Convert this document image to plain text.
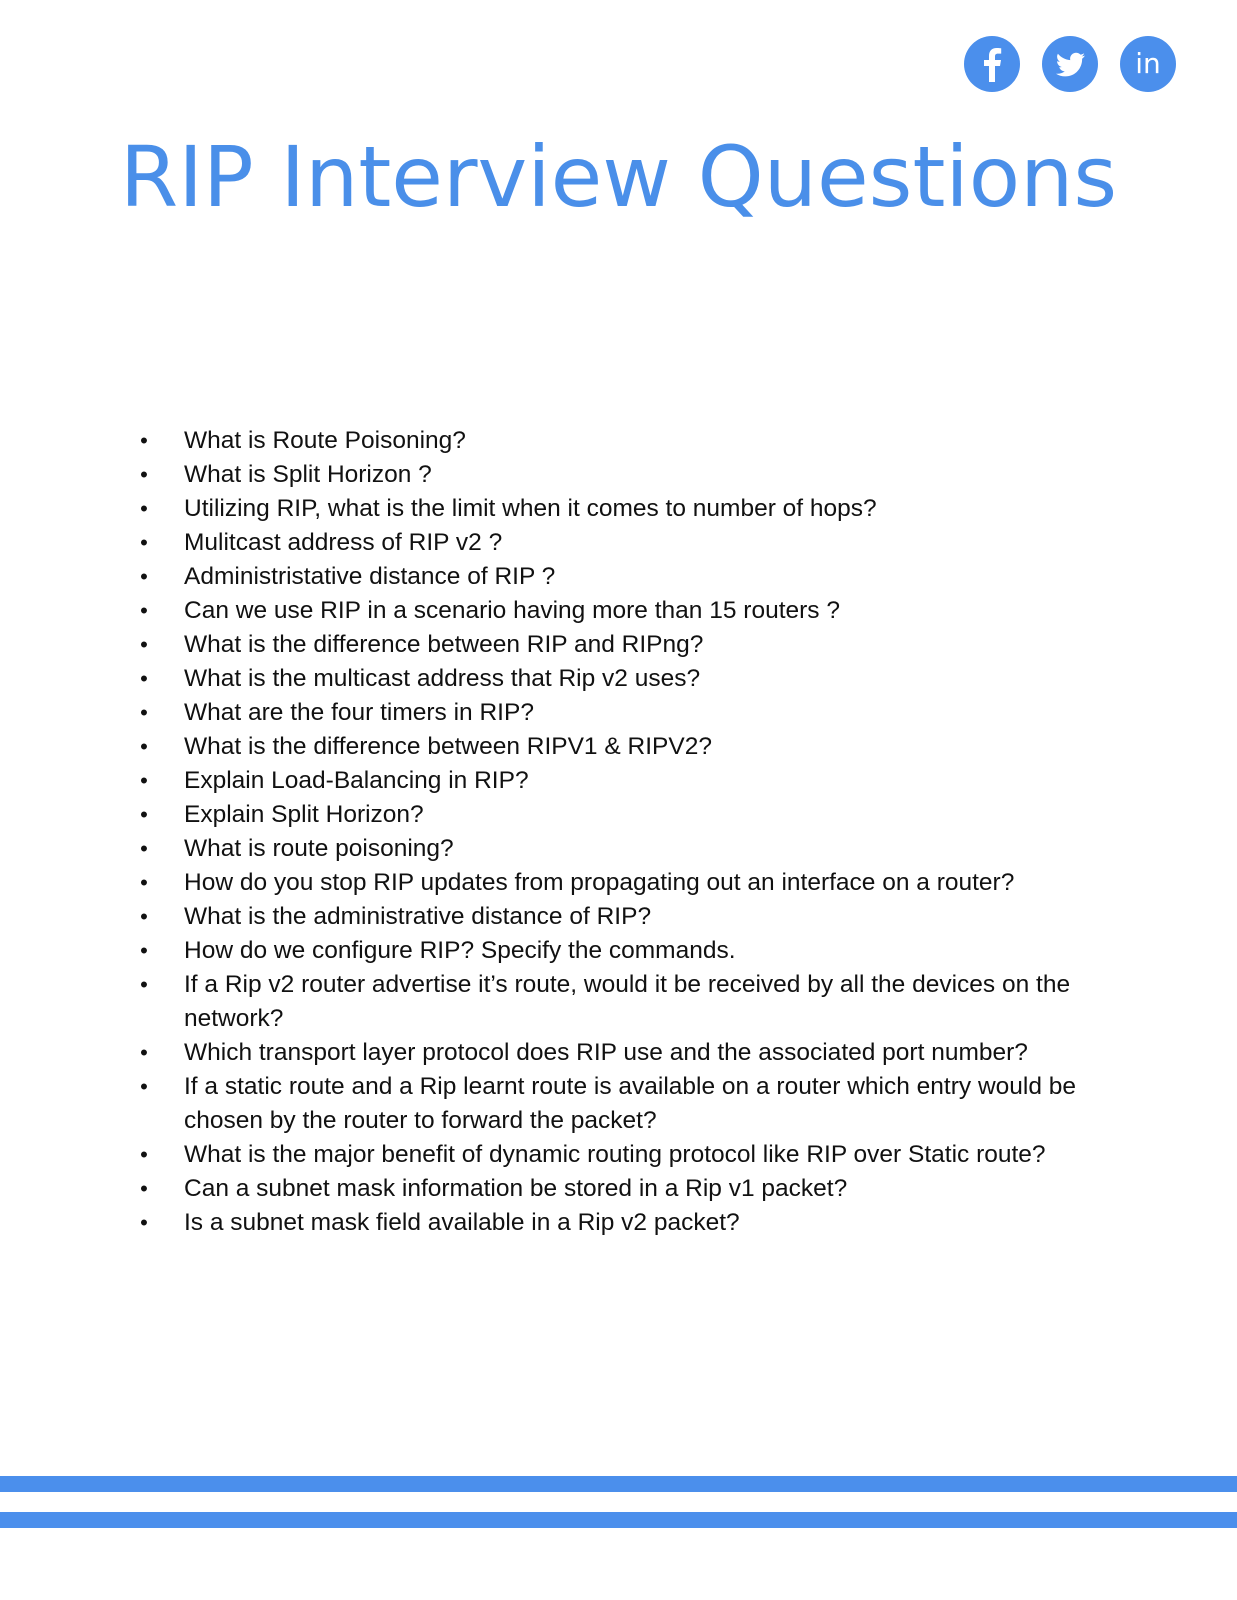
in
RIP Interview Questions
• What is Route Poisoning?
• What is Split Horizon ?
• Utilizing RIP, what is the limit when it comes to number of hops?
• Mulitcast address of RIP v2 ?
• Administristative distance of RIP ?
• Can we use RIP in a scenario having more than 15 routers ?
• What is the difference between RIP and RIPng?
• What is the multicast address that Rip v2 uses?
• What are the four timers in RIP?
• What is the difference between RIPV1 & RIPV2?
• Explain Load-Balancing in RIP?
• Explain Split Horizon?
• What is route poisoning?
• How do you stop RIP updates from propagating out an interface on a router?
• What is the administrative distance of RIP?
• How do we configure RIP? Specify the commands.
• If a Rip v2 router advertise it’s route, would it be received by all the devices on the network?
• Which transport layer protocol does RIP use and the associated port number?
• If a static route and a Rip learnt route is available on a router which entry would be chosen by the router to forward the packet?
• What is the major benefit of dynamic routing protocol like RIP over Static route?
• Can a subnet mask information be stored in a Rip v1 packet?
• Is a subnet mask field available in a Rip v2 packet?
